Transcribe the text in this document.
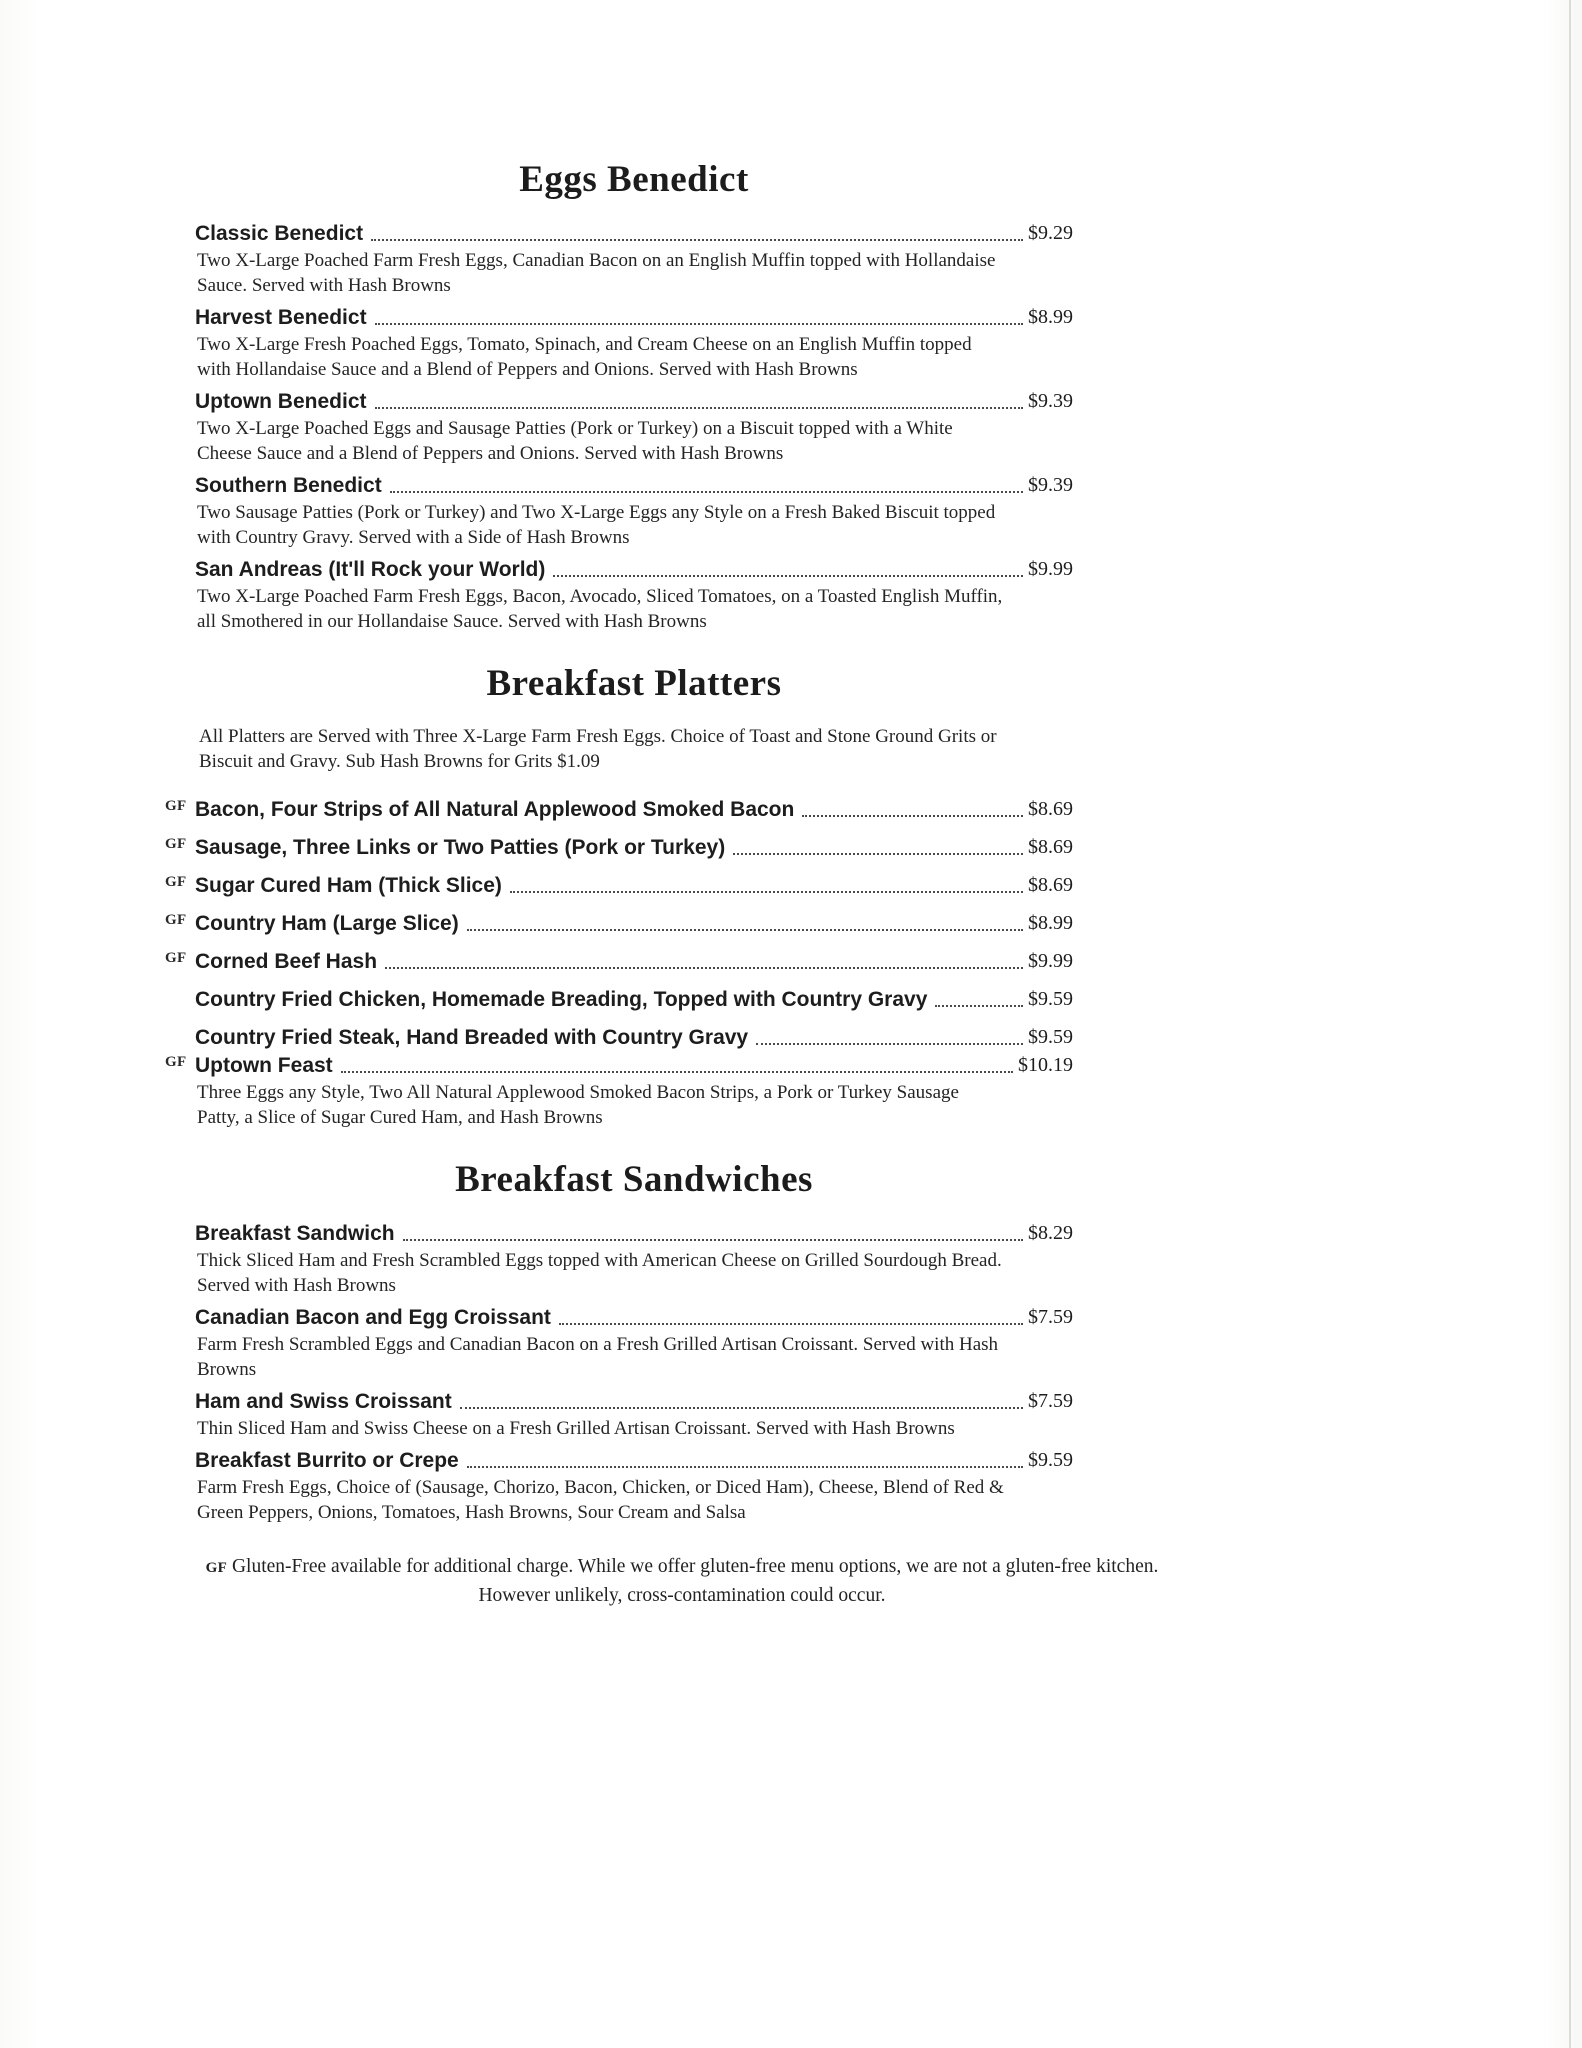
Eggs Benedict
Classic Benedict	$9.29

Two X-Large Poached Farm Fresh Eggs, Canadian Bacon on an English Muffin topped with Hollandaise Sauce. Served with Hash Browns

Harvest Benedict	$8.99

Two X-Large Fresh Poached Eggs, Tomato, Spinach, and Cream Cheese on an English Muffin topped with Hollandaise Sauce and a Blend of Peppers and Onions. Served with Hash Browns

Uptown Benedict	$9.39

Two X-Large Poached Eggs and Sausage Patties (Pork or Turkey) on a Biscuit topped with a White Cheese Sauce and a Blend of Peppers and Onions. Served with Hash Browns

Southern Benedict	$9.39

Two Sausage Patties (Pork or Turkey) and Two X-Large Eggs any Style on a Fresh Baked Biscuit topped with Country Gravy. Served with a Side of Hash Browns

San Andreas (It'll Rock your World)	$9.99

Two X-Large Poached Farm Fresh Eggs, Bacon, Avocado, Sliced Tomatoes, on a Toasted English Muffin, all Smothered in our Hollandaise Sauce. Served with Hash Browns

Breakfast Platters

All Platters are Served with Three X-Large Farm Fresh Eggs. Choice of Toast and Stone Ground Grits or Biscuit and Gravy. Sub Hash Browns for Grits $1.09

GF Bacon, Four Strips of All Natural Applewood Smoked Bacon	$8.69
GF Sausage, Three Links or Two Patties (Pork or Turkey)	$8.69
GF Sugar Cured Ham (Thick Slice)	$8.69
GF Country Ham (Large Slice)	$8.99
GF Corned Beef Hash	$9.99
Country Fried Chicken, Homemade Breading, Topped with Country Gravy	$9.59
Country Fried Steak, Hand Breaded with Country Gravy	$9.59
GF Uptown Feast	$10.19

Three Eggs any Style, Two All Natural Applewood Smoked Bacon Strips, a Pork or Turkey Sausage Patty, a Slice of Sugar Cured Ham, and Hash Browns

Breakfast Sandwiches
Breakfast Sandwich	$8.29

Thick Sliced Ham and Fresh Scrambled Eggs topped with American Cheese on Grilled Sourdough Bread. Served with Hash Browns

Canadian Bacon and Egg Croissant	$7.59

Farm Fresh Scrambled Eggs and Canadian Bacon on a Fresh Grilled Artisan Croissant. Served with Hash Browns

Ham and Swiss Croissant	$7.59

Thin Sliced Ham and Swiss Cheese on a Fresh Grilled Artisan Croissant. Served with Hash Browns

Breakfast Burrito or Crepe	$9.59

Farm Fresh Eggs, Choice of (Sausage, Chorizo, Bacon, Chicken, or Diced Ham), Cheese, Blend of Red & Green Peppers, Onions, Tomatoes, Hash Browns, Sour Cream and Salsa

GF Gluten-Free available for additional charge. While we offer gluten-free menu options, we are not a gluten-free kitchen.
However unlikely, cross-contamination could occur.
